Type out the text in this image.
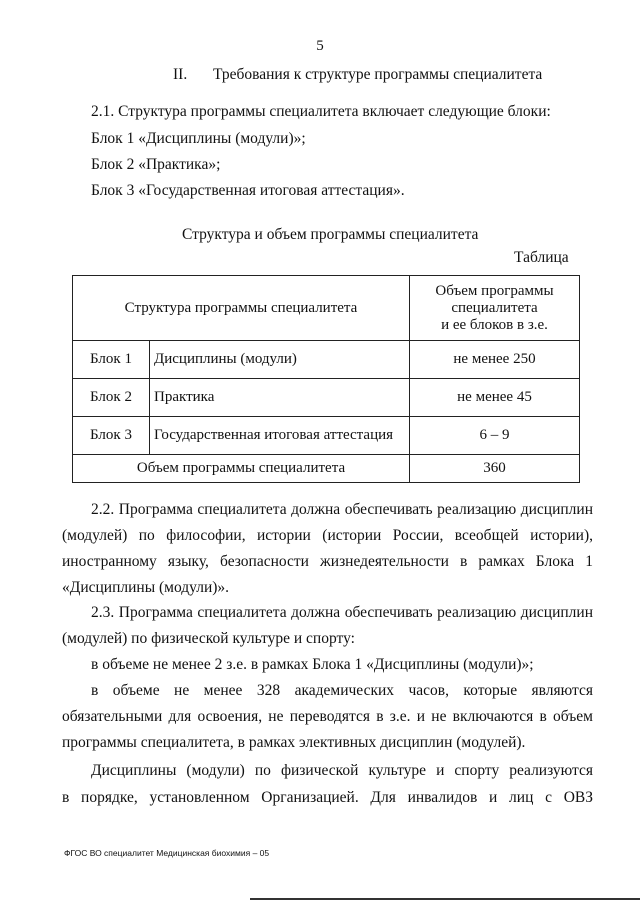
5
II. Требования к структуре программы специалитета
2.1. Структура программы специалитета включает следующие блоки:
Блок 1 «Дисциплины (модули)»;
Блок 2 «Практика»;
Блок 3 «Государственная итоговая аттестация».
Структура и объем программы специалитета
Таблица
Структура программы специалитета		Объем программы
специалитета
и ее блоков в з.е.

Блок 1	Дисциплины (модули)	не менее 250
Блок 2	Практика	не менее 45
Блок 3	Государственная итоговая аттестация	6 – 9
Объем программы специалитета		360
2.2. Программа специалитета должна обеспечивать реализацию дисциплин
(модулей) по философии, истории (истории России, всеобщей истории),
иностранному языку, безопасности жизнедеятельности в рамках Блока 1
«Дисциплины (модули)».
2.3. Программа специалитета должна обеспечивать реализацию дисциплин
(модулей) по физической культуре и спорту:
в объеме не менее 2 з.е. в рамках Блока 1 «Дисциплины (модули)»;
в объеме не менее 328 академических часов, которые являются
обязательными для освоения, не переводятся в з.е. и не включаются в объем
программы специалитета, в рамках элективных дисциплин (модулей).
Дисциплины (модули) по физической культуре и спорту реализуются
в порядке, установленном Организацией. Для инвалидов и лиц с ОВЗ
ФГОС ВО специалитет Медицинская биохимия – 05
